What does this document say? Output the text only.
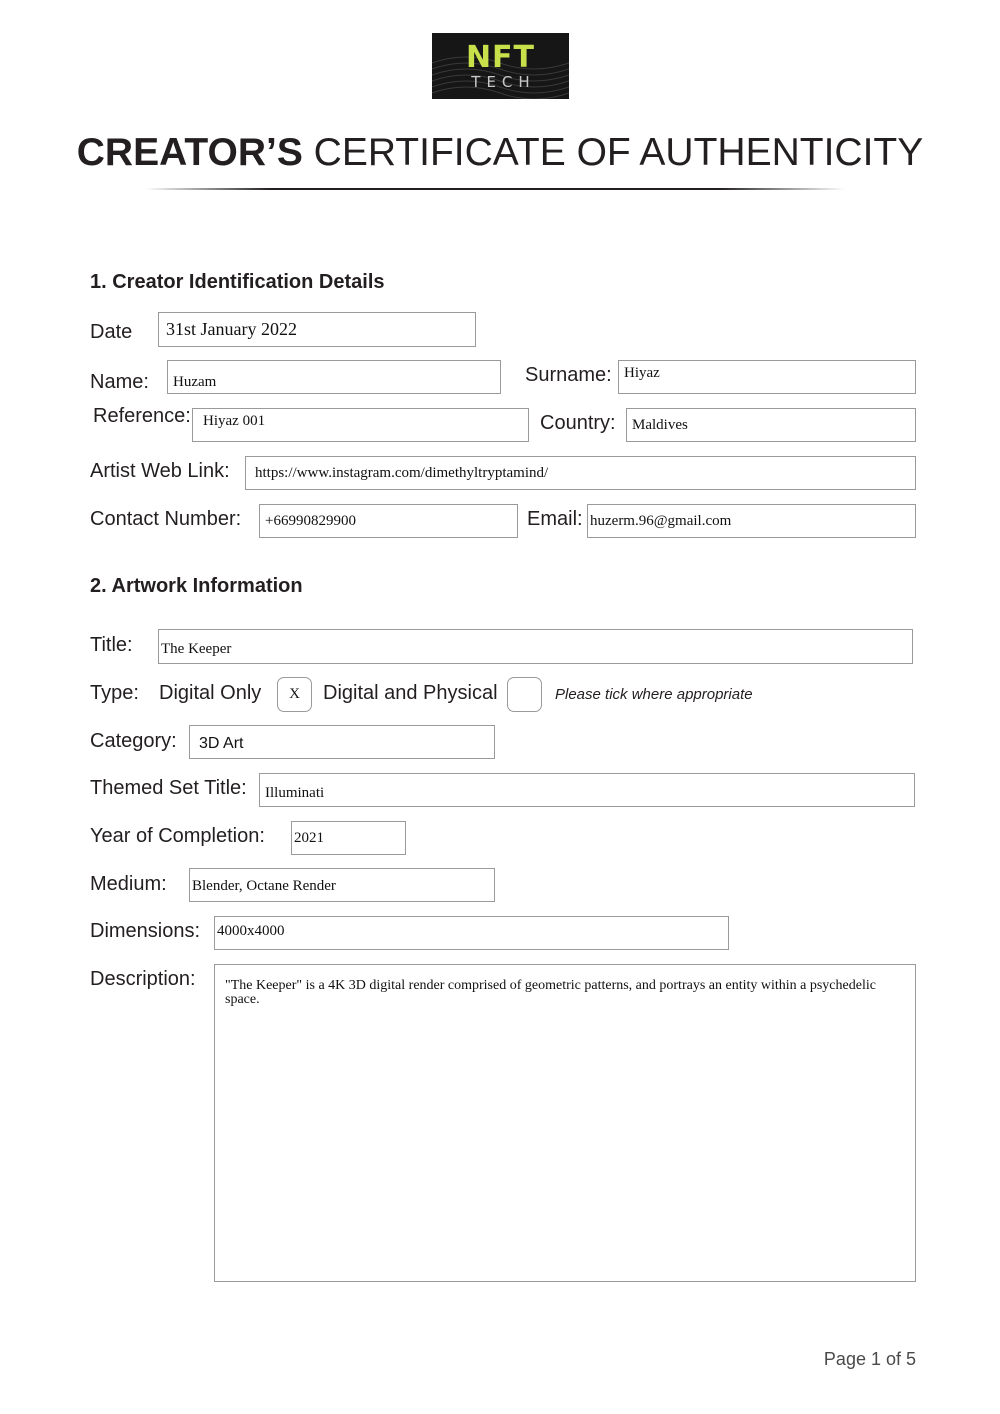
NFT
TECH
CREATOR’S CERTIFICATE OF AUTHENTICITY
1. Creator Identification Details
Date	31st January 2022
Name:	Huzam	Surname: Hiyaz
Reference: Hiyaz 001	Country:	Maldives
Artist Web Link:	https://www.instagram.com/dimethyltryptamind/
Contact Number:	+66990829900	Email: huzerm.96@gmail.com
2. Artwork Information
Title: The Keeper
Type: Digital Only	X	Digital and Physical	Please tick where appropriate
Category:	3D Art
Themed Set Title:	Illuminati
Year of Completion: 2021
Medium: Blender, Octane Render
Dimensions: 4000x4000
Description:	"The Keeper" is a 4K 3D digital render comprised of geometric patterns, and portrays an entity within a psychedelic space.
Page 1 of 5
